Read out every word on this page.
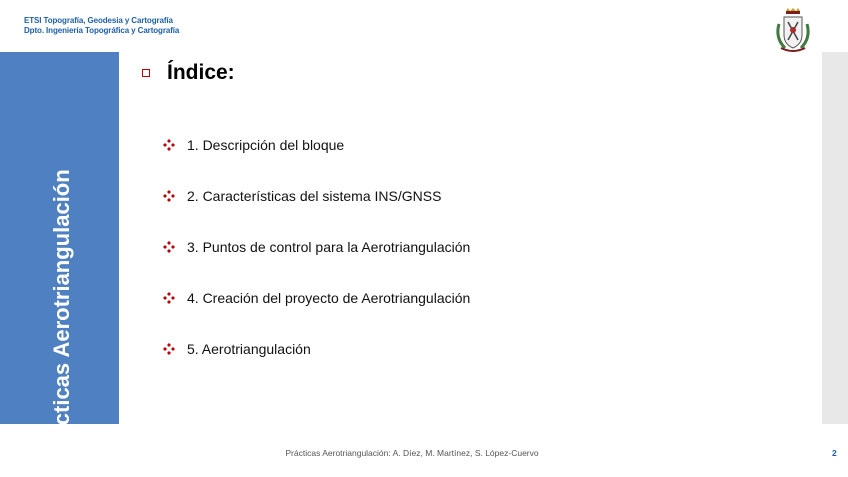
ETSI Topografía, Geodesia y Cartografía
Dpto. Ingeniería Topográfica y Cartografía
Prácticas Aerotriangulación
Índice:
1. Descripción del bloque
2. Características del sistema INS/GNSS
3. Puntos de control para la Aerotriangulación
4. Creación del proyecto de Aerotriangulación
5. Aerotriangulación
Prácticas Aerotriangulación: A. Díez, M. Martínez, S. López-Cuervo	2
